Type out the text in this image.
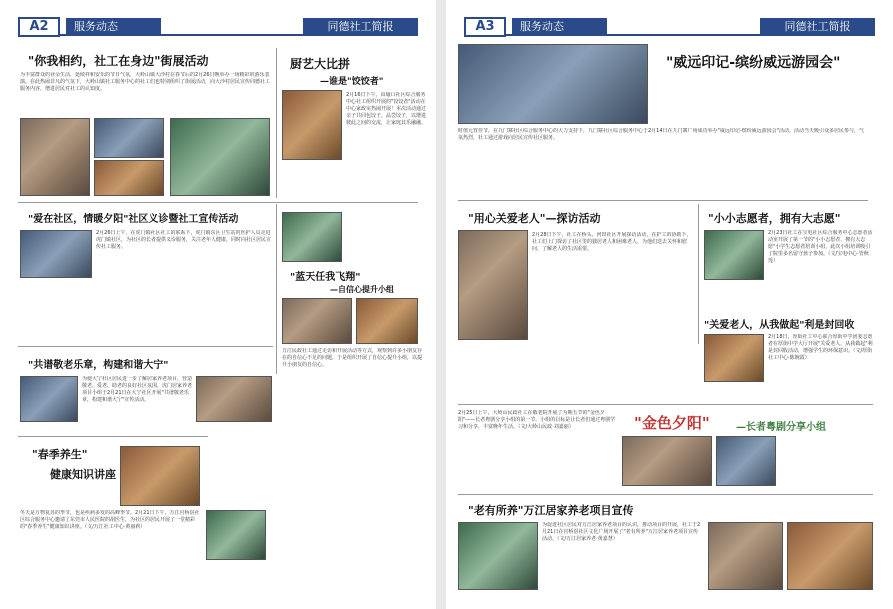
A2	服务动态	同德社工简报
"你我相约，社工在身边"街展活动
为丰富群众的业余生活，延续祥和安乐的节日气氛，大岭山镇大沙村在春节后的2月26日晚举办一场精彩的游乐表演。在此热闹非凡的气氛下，大岭山镇社工服务中心的社工们也特别组织了街展活动，向大沙村居民宣传同德社工服务内容，增进居民对社工的认知度。
厨艺大比拼
—谁是"饺饺者"
2月16日下午，由瑜口社区综合服务中心社工组织开展的"饺饺者"活动在中心家政室热闹开展！本次活动通过亲子共同包饺子，品尝饺子，以增进彼此之间的交流，让家庭其乐融融。
"爱在社区，情暖夕阳"社区义诊暨社工宣传活动
2月26日上午，在虎门镇社区社工的联系下，虎门镇东区卫生站的医护人员走进虎门镇社区，为社区的长者提供义诊服务，关注老年人健康，同时向社区居民宣传社工服务。
"蓝天任我飞翔"
—自信心提升小组
万江民政社工通过走访和开展活动等方式，观察到许多小朋友存在的自信心不足的问题，于是组织开展了自信心提升小组，以提升小朋友的自信心。
"共谱敬老乐章，构建和谐大宁"
为使大宁社区居民进一步了解居家养老项目，营造敬老、爱老、助老的良好社区氛围，虎门居家养老项目小组于2月21日在大宁社区开展"共谱敬老乐章，构建和谐大宁"宣传活动。
"春季养生"
健康知识讲座
冬天是万物复苏的季节，也是疾病多发的高峰季节。2月21日下午，万江官桥滘社区综合服务中心邀请了东莞市人民医院的胡医生，为社区的居民开展了一堂精彩的"春季养生"健康知识讲座。（文/万江社工中心·黄丽莉）
A3	服务动态	同德社工简报
"威远印记-缤纷威远游园会"
时值元宵佳节，在九门寨社区综合服务中心的大力支持下，九门寨社区综合服务中心于2月14日在九门寨广场成功举办"威远印记-缤纷威远游园会"活动。活动当天吸引众多居民参与，气氛热烈，社工通过游戏向居民宣传社区服务。
"用心关爱老人"—探访活动
2月28日下午，社工在桥头、河田社区开展探访活动，在护工的协助下，社工们上门探访了社区里的独居老人和困难老人，为他们送去关怀和慰问，了解老人的生活需要。
"小小志愿者，拥有大志愿"
2月23日社工在宝电社区综合服务中心志愿者活动室开展了第一节的"小小志愿者，拥有大志愿"小学生志愿者培训小组，此次小组培训吸引了院里多名留守孩子参加。（文/宝电中心·管秋莲）
"关爱老人，从我做起"利是封回收
2月18日，厚街社工中心联合厚街中学团委志愿者在厚街中学大厅开展"关爱老人，从我做起"利是封回收活动，增强学生的环保意识。（文/厚街社工中心·陈婉霞）
2月25日上午，大岭山民政社工在敬老院开展了为期五节的"金色夕阳"——长者粤剧分享小组的第一节。小组的目标是让长者们通过粤剧学习和分享，丰富晚年生活。（文/大岭山民政·刘嘉丽）	"金色夕阳"	—长者粤剧分享小组
"老有所养"万江居家养老项目宣传
为促进社区居民对万江居家养老项目的认识，推动项目的开展，社工于2月21日在官桥滘社区文化广场开展了"老有所养"万江居家养老项目宣传活动。（文/万江居家养老·黄嘉慧）
